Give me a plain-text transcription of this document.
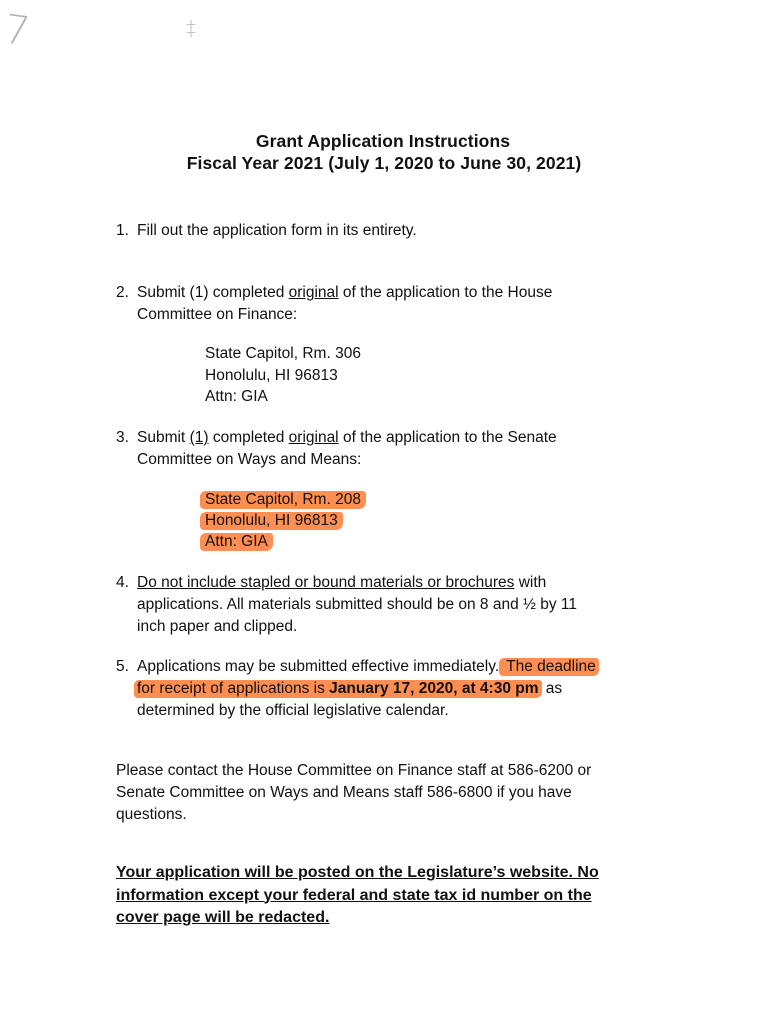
7	‡
Grant Application Instructions
Fiscal Year 2021 (July 1, 2020 to June 30, 2021)
1. Fill out the application form in its entirety.
2. Submit (1) completed original of the application to the House
Committee on Finance:
State Capitol, Rm. 306
Honolulu, HI 96813
Attn: GIA
3. Submit (1) completed original of the application to the Senate
Committee on Ways and Means:
State Capitol, Rm. 208
Honolulu, HI 96813
Attn: GIA
4. Do not include stapled or bound materials or brochures with
applications. All materials submitted should be on 8 and ½ by 11
inch paper and clipped.
5. Applications may be submitted effective immediately. The deadline
for receipt of applications is January 17, 2020, at 4:30 pm as
determined by the official legislative calendar.
Please contact the House Committee on Finance staff at 586-6200 or
Senate Committee on Ways and Means staff 586-6800 if you have
questions.
Your application will be posted on the Legislature’s website. No
information except your federal and state tax id number on the
cover page will be redacted.
